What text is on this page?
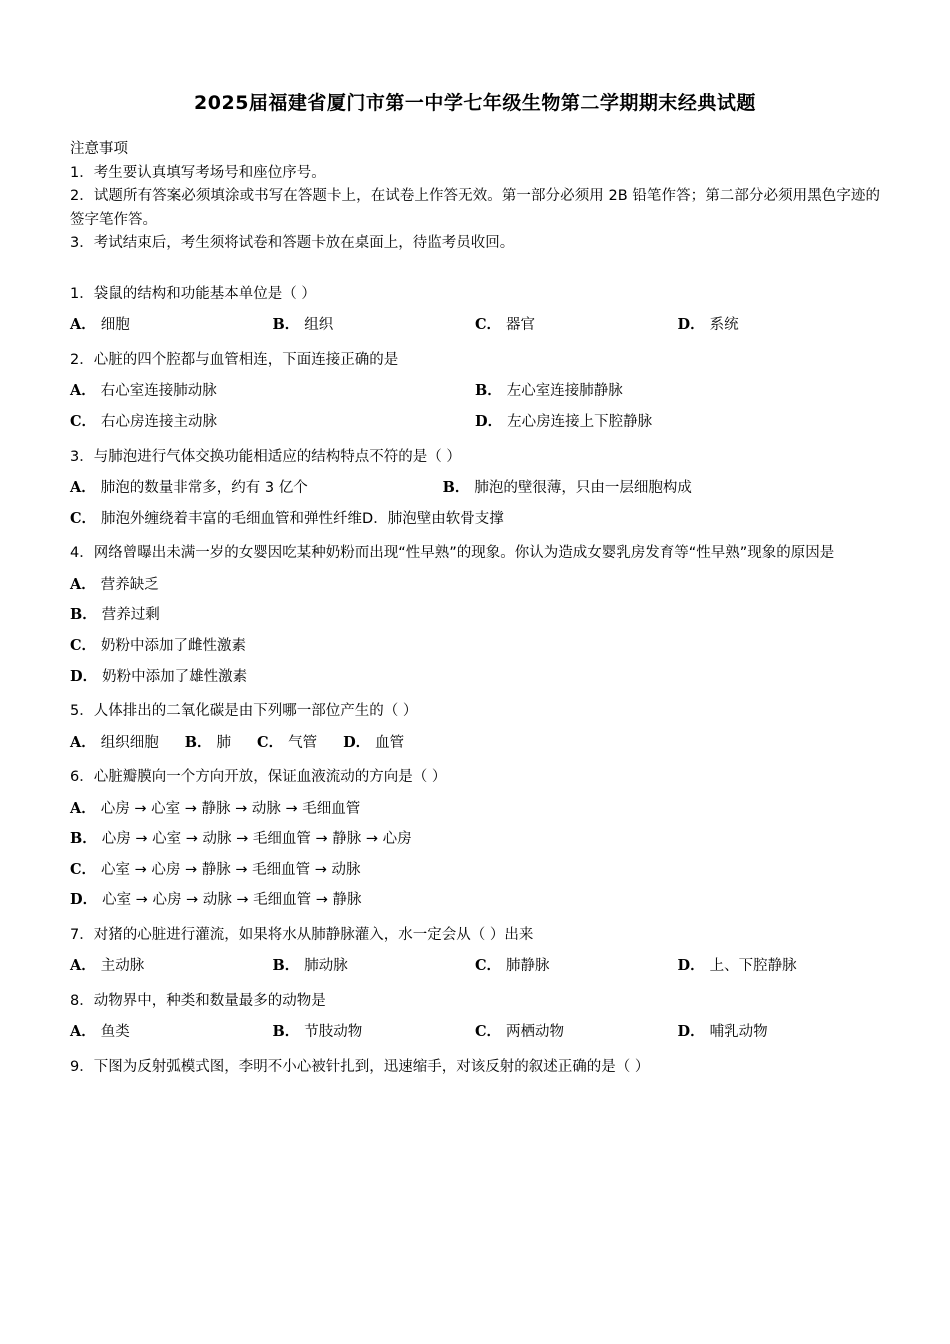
2025届福建省厦门市第一中学七年级生物第二学期期末经典试题

注意事项

1．考生要认真填写考场号和座位序号。

2．试题所有答案必须填涂或书写在答题卡上，在试卷上作答无效。第一部分必须用 2B 铅笔作答；第二部分必须用黑色字迹的签字笔作答。

3．考试结束后，考生须将试卷和答题卡放在桌面上，待监考员收回。

1．袋鼠的结构和功能基本单位是（ ）

A． 细胞	B． 组织	C． 器官	D． 系统

2．心脏的四个腔都与血管相连，下面连接正确的是

A． 右心室连接肺动脉	B． 左心室连接肺静脉
C． 右心房连接主动脉	D． 左心房连接上下腔静脉

3．与肺泡进行气体交换功能相适应的结构特点不符的是（ ）

A． 肺泡的数量非常多，约有 3 亿个	B． 肺泡的壁很薄，只由一层细胞构成
C． 肺泡外缠绕着丰富的毛细血管和弹性纤维D．肺泡壁由软骨支撑

4．网络曾曝出未满一岁的女婴因吃某种奶粉而出现“性早熟”的现象。你认为造成女婴乳房发育等“性早熟”现象的原因是

A． 营养缺乏
B． 营养过剩
C． 奶粉中添加了雌性激素
D． 奶粉中添加了雄性激素

5．人体排出的二氧化碳是由下列哪一部位产生的（ ）

A． 组织细胞	B． 肺	C． 气管	D． 血管

6．心脏瓣膜向一个方向开放，保证血液流动的方向是（ ）

A． 心房 → 心室 → 静脉 → 动脉 → 毛细血管
B． 心房 → 心室 → 动脉 → 毛细血管 → 静脉 → 心房
C． 心室 → 心房 → 静脉 → 毛细血管 → 动脉
D． 心室 → 心房 → 动脉 → 毛细血管 → 静脉

7．对猪的心脏进行灌流，如果将水从肺静脉灌入，水一定会从（ ）出来

A． 主动脉	B． 肺动脉	C． 肺静脉	D． 上、下腔静脉

8．动物界中，种类和数量最多的动物是

A． 鱼类	B． 节肢动物	C． 两栖动物	D． 哺乳动物

9．下图为反射弧模式图，李明不小心被针扎到，迅速缩手，对该反射的叙述正确的是（ ）
